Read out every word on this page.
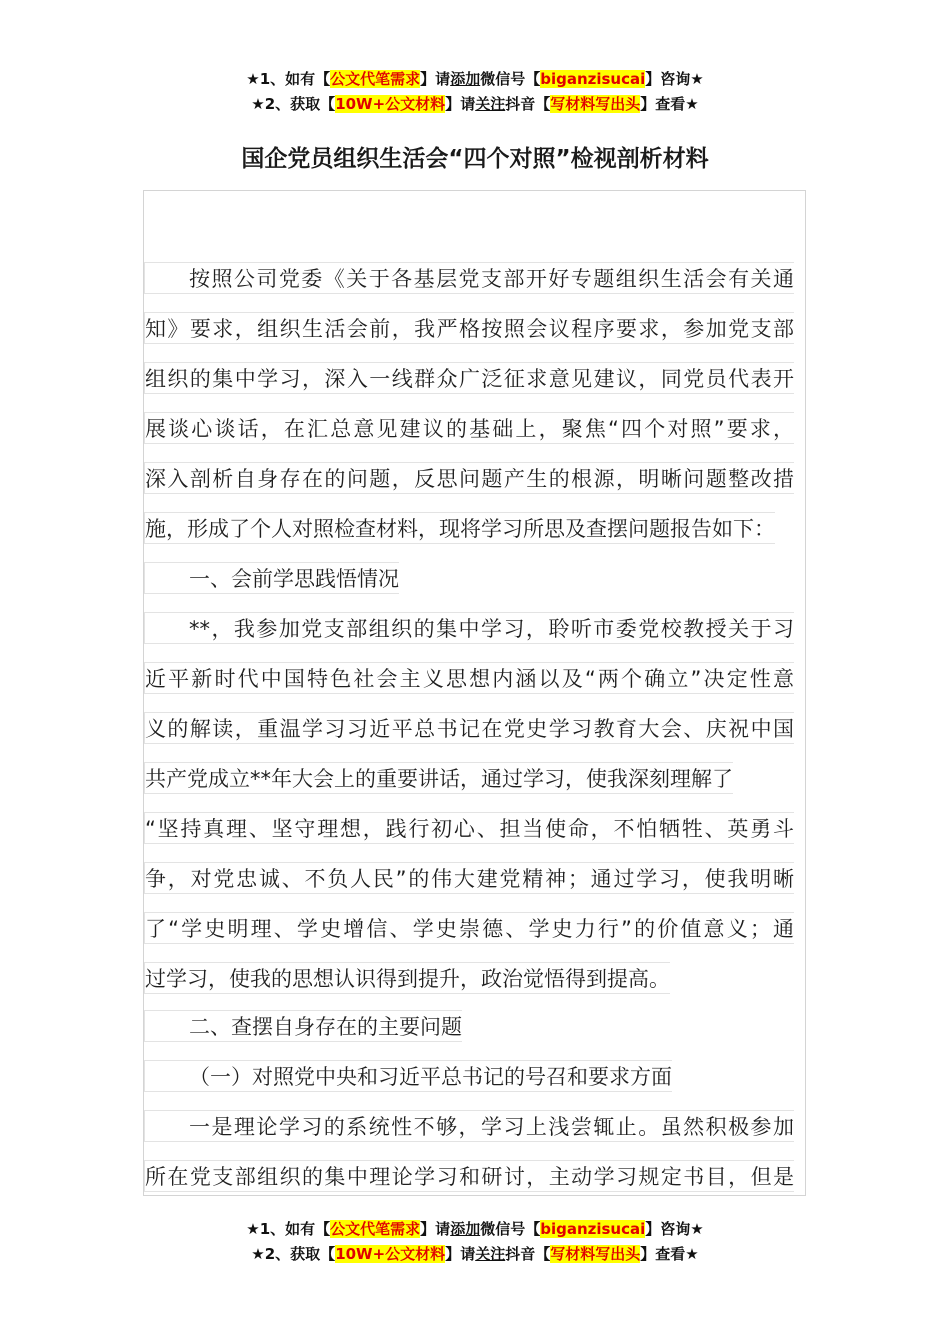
★1、如有【公文代笔需求】请添加微信号【biganzisucai】咨询★
★2、获取【10W+公文材料】请关注抖音【写材料写出头】查看★
国企党员组织生活会“四个对照”检视剖析材料
按照公司党委《关于各基层党支部开好专题组织生活会有关通
知》要求，组织生活会前，我严格按照会议程序要求，参加党支部
组织的集中学习，深入一线群众广泛征求意见建议，同党员代表开
展谈心谈话，在汇总意见建议的基础上，聚焦“四个对照”要求，
深入剖析自身存在的问题，反思问题产生的根源，明晰问题整改措
施，形成了个人对照检查材料，现将学习所思及查摆问题报告如下：
一、会前学思践悟情况
**，我参加党支部组织的集中学习，聆听市委党校教授关于习
近平新时代中国特色社会主义思想内涵以及“两个确立”决定性意
义的解读，重温学习习近平总书记在党史学习教育大会、庆祝中国
共产党成立**年大会上的重要讲话，通过学习，使我深刻理解了
“坚持真理、坚守理想，践行初心、担当使命，不怕牺牲、英勇斗
争，对党忠诚、不负人民”的伟大建党精神；通过学习，使我明晰
了“学史明理、学史增信、学史崇德、学史力行”的价值意义；通
过学习，使我的思想认识得到提升，政治觉悟得到提高。
二、查摆自身存在的主要问题
（一）对照党中央和习近平总书记的号召和要求方面
一是理论学习的系统性不够，学习上浅尝辄止。虽然积极参加
所在党支部组织的集中理论学习和研讨，主动学习规定书目，但是
★1、如有【公文代笔需求】请添加微信号【biganzisucai】咨询★
★2、获取【10W+公文材料】请关注抖音【写材料写出头】查看★
